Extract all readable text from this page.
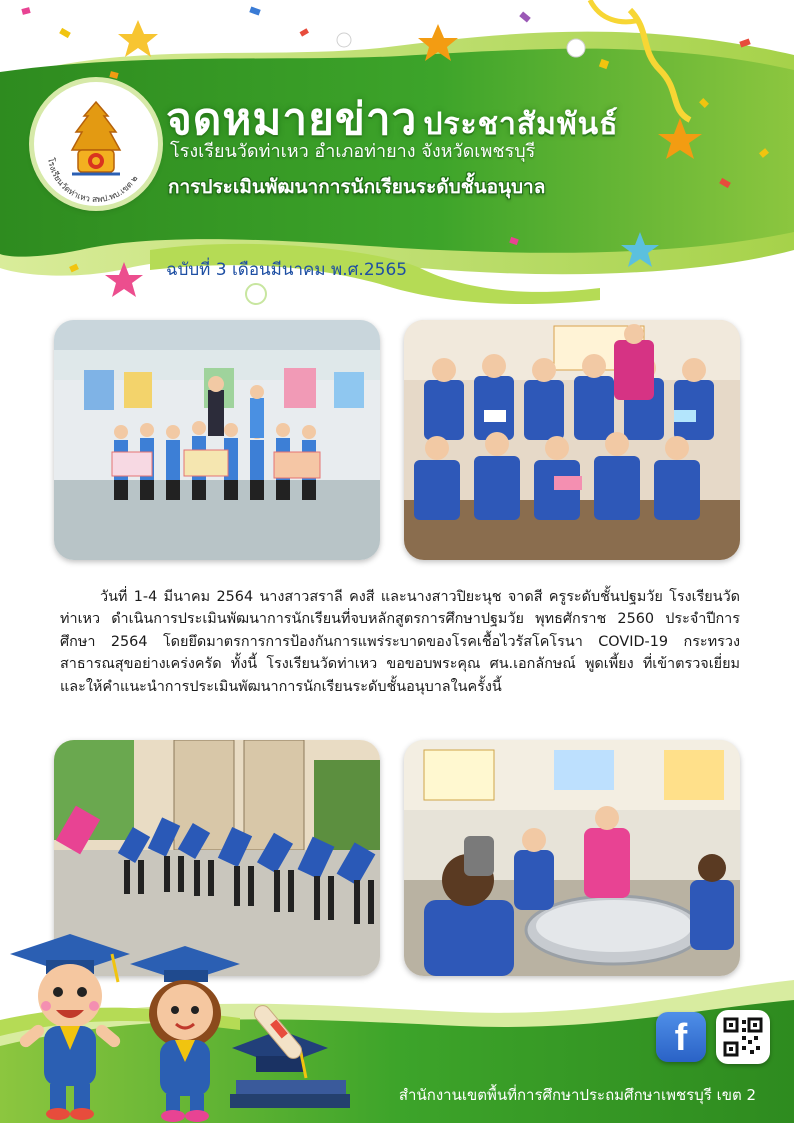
โรงเรียนวัดท่าเหว สพป.พบ.เขต ๒
จดหมายข่าว ประชาสัมพันธ์
โรงเรียนวัดท่าเหว อำเภอท่ายาง จังหวัดเพชรบุรี
การประเมินพัฒนาการนักเรียนระดับชั้นอนุบาล
ฉบับที่ 3 เดือนมีนาคม พ.ศ.2565

วันที่ 1-4 มีนาคม 2564 นางสาวสราลี คงสี และนางสาวปิยะนุช จาดสี ครูระดับชั้นปฐมวัย โรงเรียนวัดท่าเหว ดำเนินการประเมินพัฒนาการนักเรียนที่จบหลักสูตรการศึกษาปฐมวัย พุทธศักราช 2560 ประจำปีการศึกษา 2564 โดยยึดมาตรการการป้องกันการแพร่ระบาดของโรคเชื้อไวรัสโคโรนา COVID-19 กระทรวงสาธารณสุขอย่างเคร่งครัด ทั้งนี้ โรงเรียนวัดท่าเหว ขอขอบพระคุณ ศน.เอกลักษณ์ พูดเพี้ยง ที่เข้าตรวจเยี่ยม และให้คำแนะนำการประเมินพัฒนาการนักเรียนระดับชั้นอนุบาลในครั้งนี้

f
สำนักงานเขตพื้นที่การศึกษาประถมศึกษาเพชรบุรี เขต 2
